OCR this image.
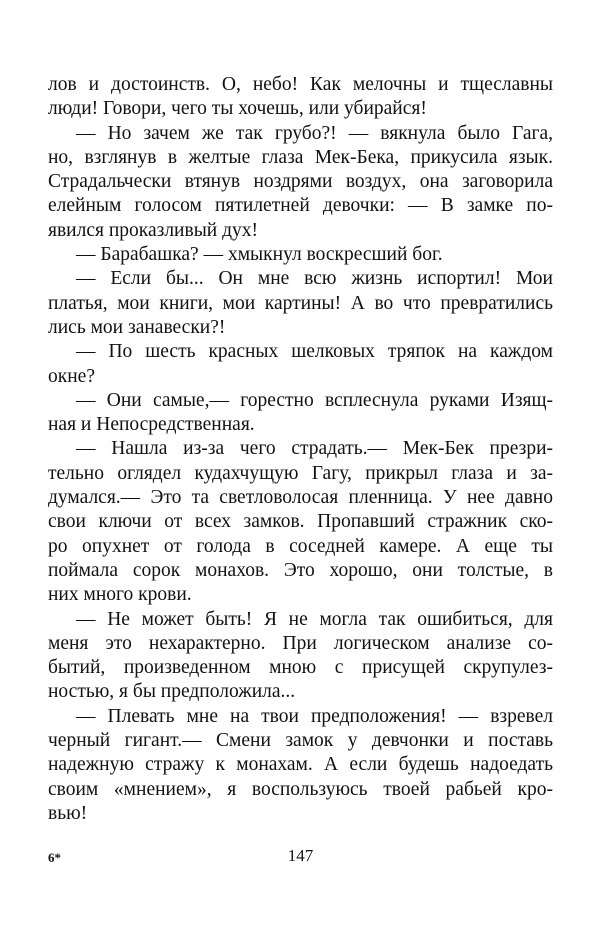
лов и достоинств. О, небо! Как мелочны и тщеславны
люди! Говори, чего ты хочешь, или убирайся!
— Но зачем же так грубо?! — вякнула было Гага,
но, взглянув в желтые глаза Мек-Бека, прикусила язык.
Страдальчески втянув ноздрями воздух, она заговорила
елейным голосом пятилетней девочки: — В замке по-
явился проказливый дух!
— Барабашка? — хмыкнул воскресший бог.
— Если бы... Он мне всю жизнь испортил! Мои
платья, мои книги, мои картины! А во что превратились
лись мои занавески?!
— По шесть красных шелковых тряпок на каждом
окне?
— Они самые,— горестно всплеснула руками Изящ-
ная и Непосредственная.
— Нашла из-за чего страдать.— Мек-Бек презри-
тельно оглядел кудахчущую Гагу, прикрыл глаза и за-
думался.— Это та светловолосая пленница. У нее давно
свои ключи от всех замков. Пропавший стражник ско-
ро опухнет от голода в соседней камере. А еще ты
поймала сорок монахов. Это хорошо, они толстые, в
них много крови.
— Не может быть! Я не могла так ошибиться, для
меня это нехарактерно. При логическом анализе со-
бытий, произведенном мною с присущей скрупулез-
ностью, я бы предположила...
— Плевать мне на твои предположения! — взревел
черный гигант.— Смени замок у девчонки и поставь
надежную стражу к монахам. А если будешь надоедать
своим «мнением», я воспользуюсь твоей рабьей кро-
вью!
6*	147
